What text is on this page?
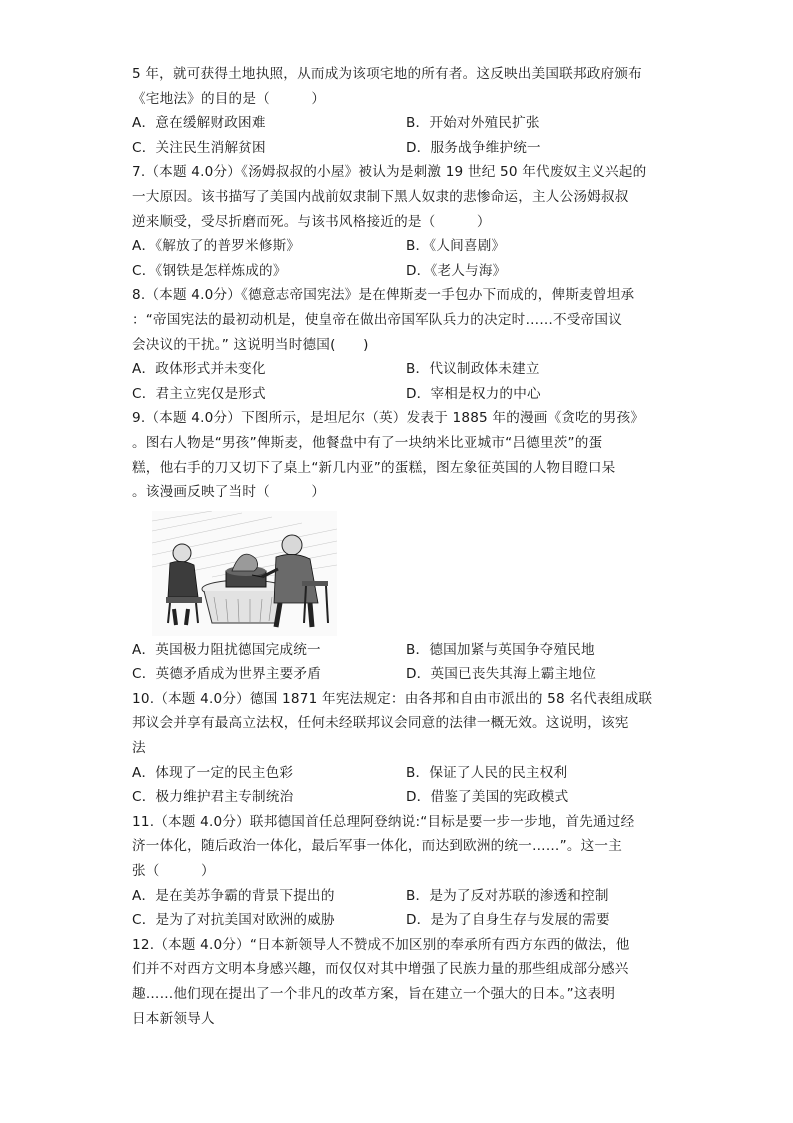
5 年，就可获得土地执照，从而成为该项宅地的所有者。这反映出美国联邦政府颁布

《宅地法》的目的是（　　　）

A．意在缓解财政困难	B．开始对外殖民扩张
C．关注民生消解贫困	D．服务战争维护统一

7.（本题 4.0分）《汤姆叔叔的小屋》被认为是刺激 19 世纪 50 年代废奴主义兴起的

一大原因。该书描写了美国内战前奴隶制下黑人奴隶的悲惨命运，主人公汤姆叔叔

逆来顺受，受尽折磨而死。与该书风格接近的是（　　　）

A．《解放了的普罗米修斯》	B．《人间喜剧》
C．《钢铁是怎样炼成的》	D．《老人与海》

8.（本题 4.0分）《德意志帝国宪法》是在俾斯麦一手包办下而成的，俾斯麦曾坦承

：“帝国宪法的最初动机是，使皇帝在做出帝国军队兵力的决定时……不受帝国议

会决议的干扰。” 这说明当时德国(　　)

A．政体形式并未变化	B．代议制政体未建立
C．君主立宪仅是形式	D．宰相是权力的中心

9.（本题 4.0分）下图所示，是坦尼尔（英）发表于 1885 年的漫画《贪吃的男孩》

。图右人物是“男孩”俾斯麦，他餐盘中有了一块纳米比亚城市“吕德里茨”的蛋

糕，他右手的刀又切下了桌上“新几内亚”的蛋糕，图左象征英国的人物目瞪口呆

。该漫画反映了当时（　　　）

A．英国极力阻扰德国完成统一	B．德国加紧与英国争夺殖民地
C．英德矛盾成为世界主要矛盾	D．英国已丧失其海上霸主地位

10.（本题 4.0分）德国 1871 年宪法规定：由各邦和自由市派出的 58 名代表组成联

邦议会并享有最高立法权，任何未经联邦议会同意的法律一概无效。这说明，该宪

法

A．体现了一定的民主色彩	B．保证了人民的民主权利
C．极力维护君主专制统治	D．借鉴了美国的宪政模式

11.（本题 4.0分）联邦德国首任总理阿登纳说:“目标是要一步一步地，首先通过经

济一体化，随后政治一体化，最后军事一体化，而达到欧洲的统一……”。这一主

张（　　　）

A．是在美苏争霸的背景下提出的	B．是为了反对苏联的渗透和控制
C．是为了对抗美国对欧洲的威胁	D．是为了自身生存与发展的需要

12.（本题 4.0分）“日本新领导人不赞成不加区别的奉承所有西方东西的做法，他

们并不对西方文明本身感兴趣，而仅仅对其中增强了民族力量的那些组成部分感兴

趣……他们现在提出了一个非凡的改革方案，旨在建立一个强大的日本。”这表明

日本新领导人
